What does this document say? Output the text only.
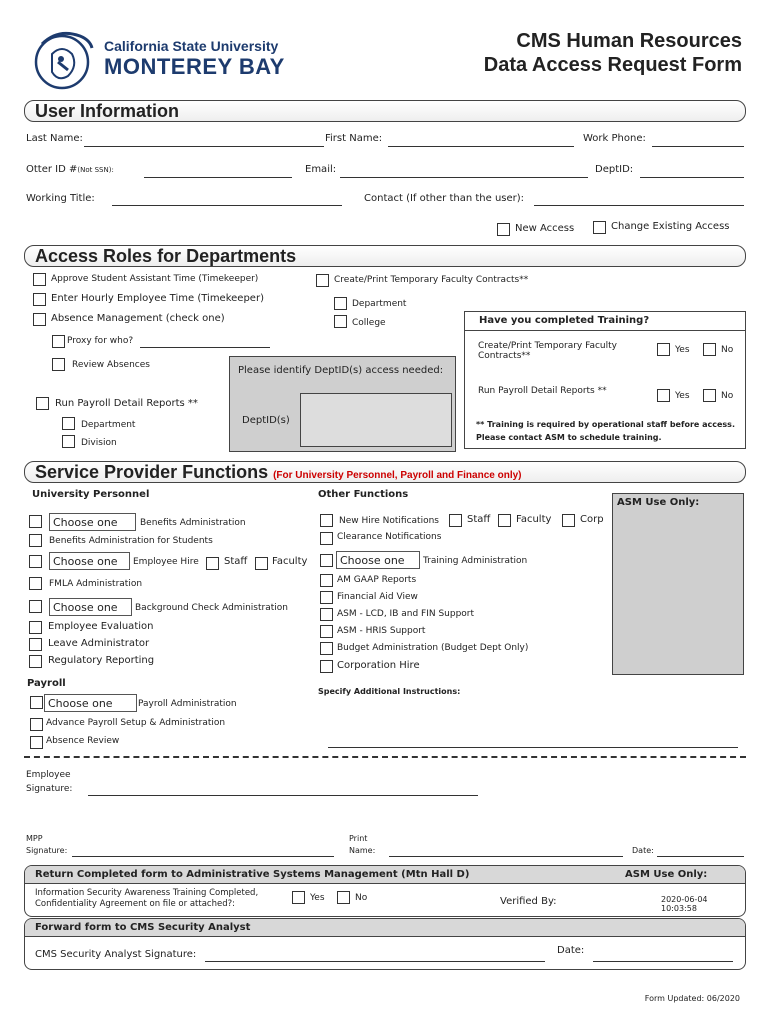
California State University
MONTEREY BAY
CMS Human Resources
Data Access Request Form
User Information
Last Name:	First Name:	Work Phone:
Otter ID #(Not SSN):	Email:	DeptID:
Working Title:	Contact (If other than the user):
New Access	Change Existing Access
Access Roles for Departments
Approve Student Assistant Time (Timekeeper)
Enter Hourly Employee Time (Timekeeper)
Absence Management (check one)
Proxy for who?
Review Absences
Run Payroll Detail Reports **
Department
Division
Create/Print Temporary Faculty Contracts**
Department
College
Please identify DeptID(s) access needed:
DeptID(s)
Have you completed Training?
Create/Print Temporary Faculty Contracts**
Yes	No
Run Payroll Detail Reports **	Yes	No
** Training is required by operational staff before access.
Please contact ASM to schedule training.
Service Provider Functions (For University Personnel, Payroll and Finance only)
University Personnel
Choose one	Benefits Administration
Benefits Administration for Students
Choose one	Employee Hire	Staff Faculty
FMLA Administration
Choose one	Background Check Administration
Employee Evaluation
Leave Administrator
Regulatory Reporting
Payroll
Choose one	Payroll Administration
Advance Payroll Setup & Administration
Absence Review
Other Functions
New Hire Notifications	Staff	Faculty	Corp
Clearance Notifications
Choose one	Training Administration
AM GAAP Reports
Financial Aid View
ASM - LCD, IB and FIN Support
ASM - HRIS Support
Budget Administration (Budget Dept Only)
Corporation Hire
Specify Additional Instructions:
ASM Use Only:
Employee
Signature:
MPP
Signature:
Print
Name:	Date:
Return Completed form to Administrative Systems Management (Mtn Hall D)	ASM Use Only:
Information Security Awareness Training Completed,
Confidentiality Agreement on file or attached?:
Yes	No	Verified By:	2020-06-04 10:03:58
Forward form to CMS Security Analyst
CMS Security Analyst Signature:	Date:
Form Updated: 06/2020
